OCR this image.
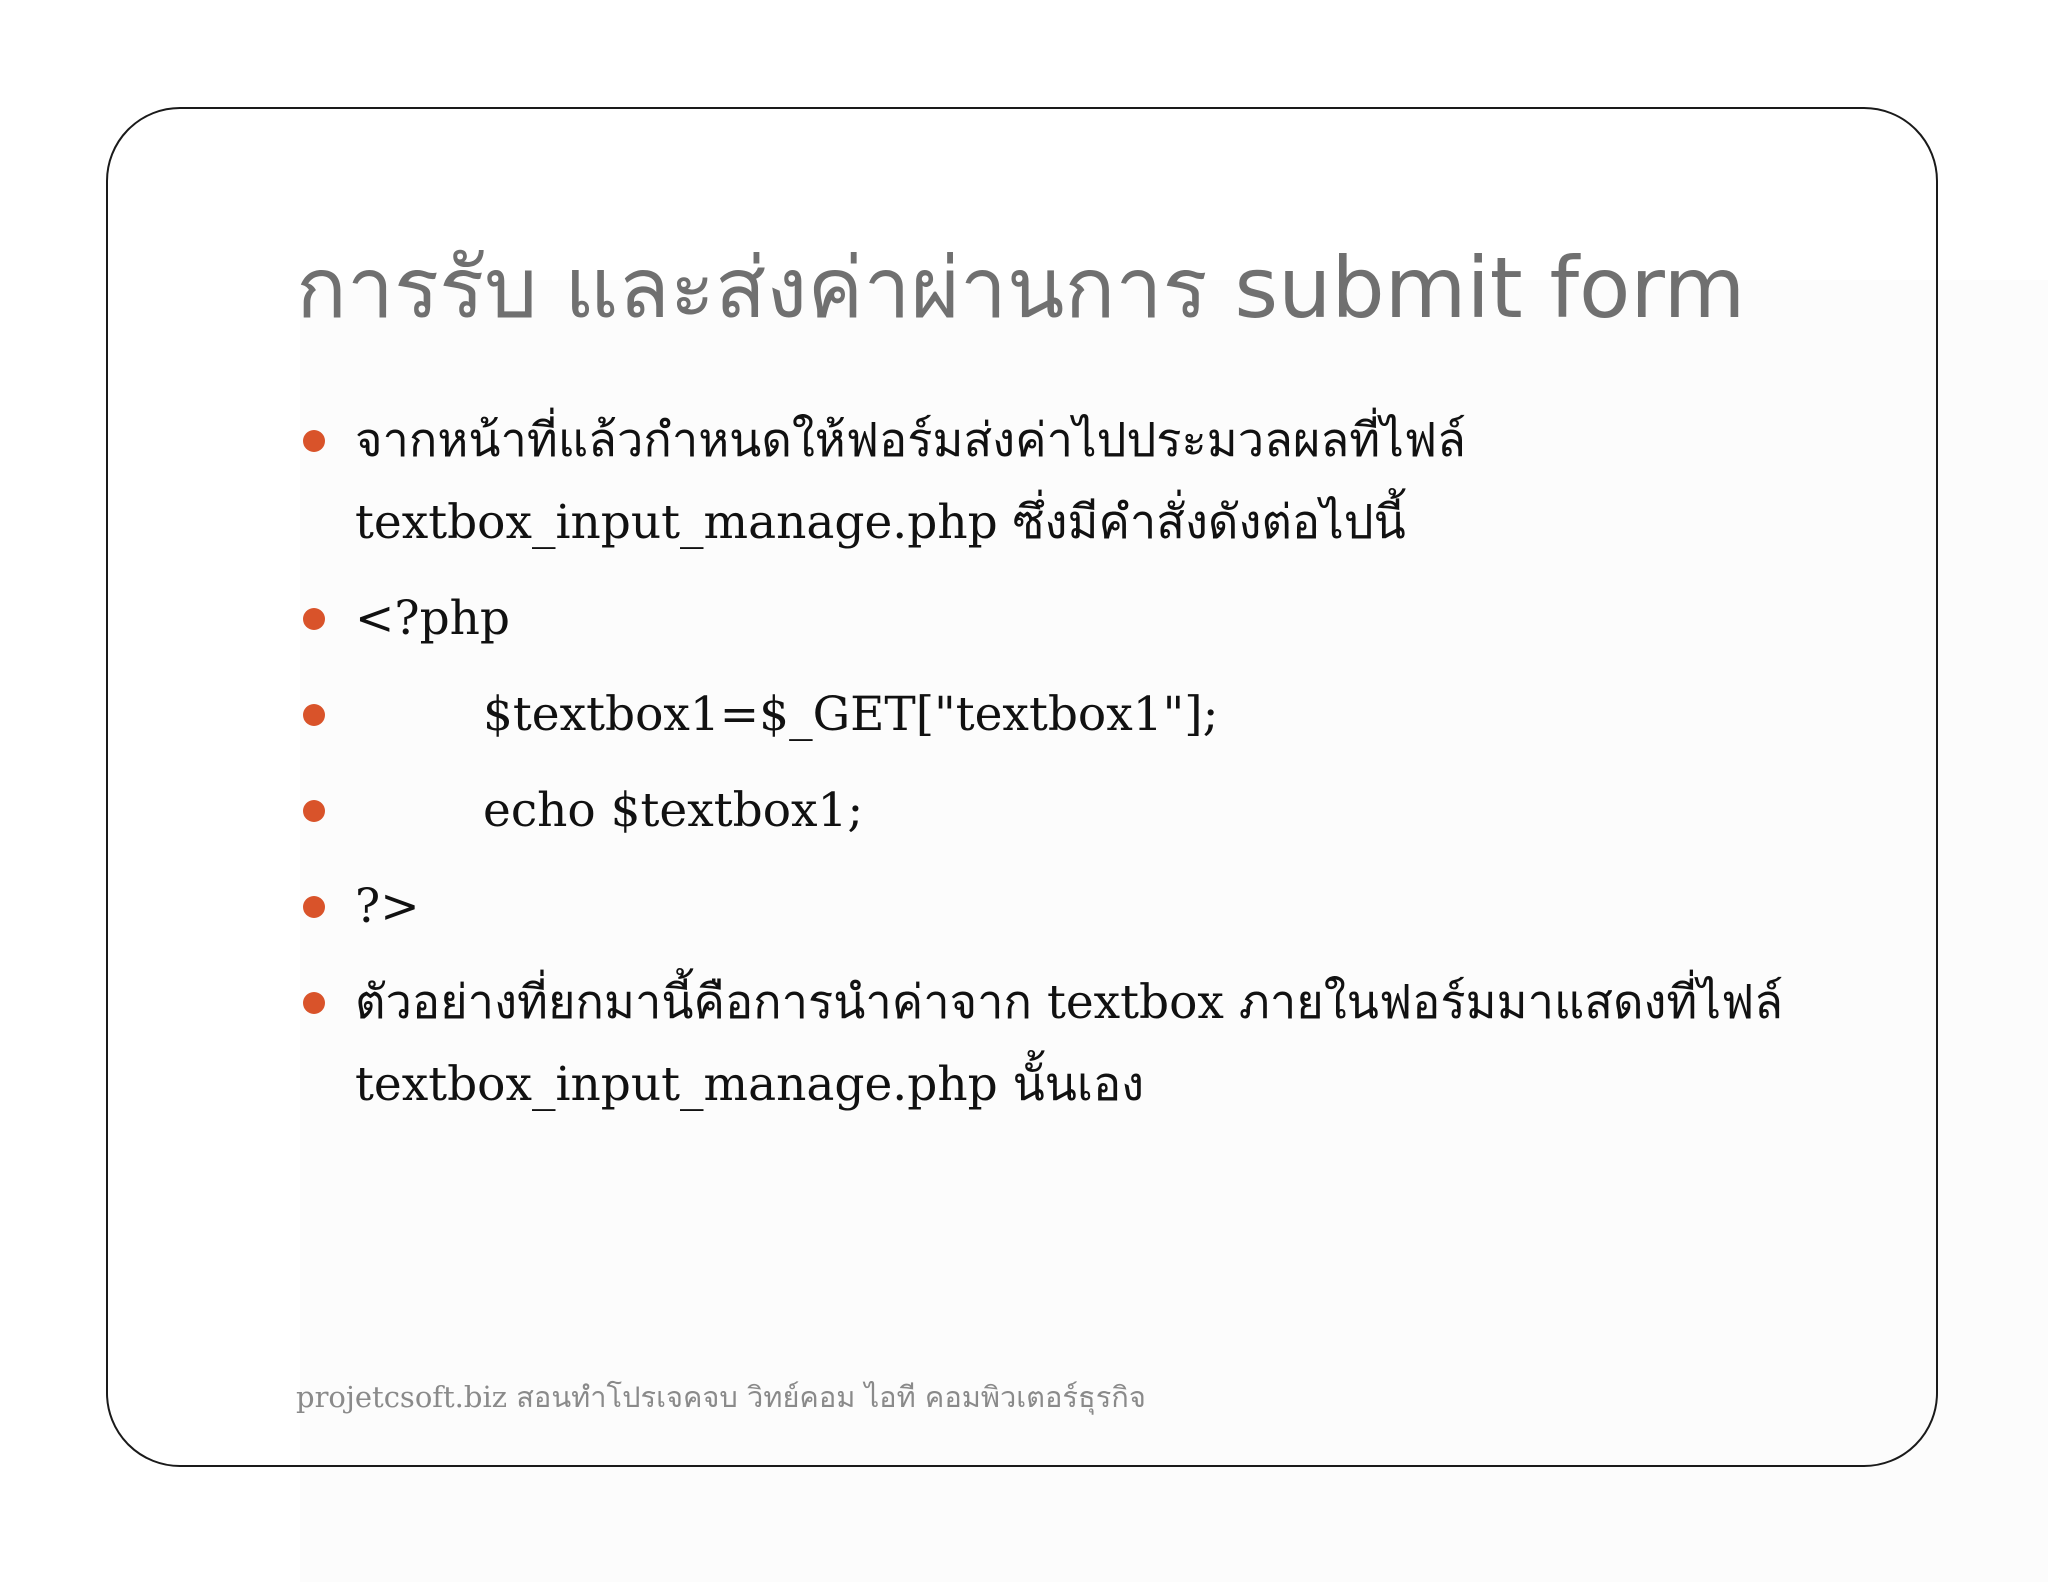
การรับ และส่งค่าผ่านการ submit form
จากหน้าที่แล้วกำหนดให้ฟอร์มส่งค่าไปประมวลผลที่ไฟล์ textbox_input_manage.php ซึ่งมีคำสั่งดังต่อไปนี้
<?php
$textbox1=$_GET["textbox1"];
echo $textbox1;
?>
ตัวอย่างที่ยกมานี้คือการนำค่าจาก textbox ภายในฟอร์มมาแสดงที่ไฟล์ textbox_input_manage.php นั้นเอง
projetcsoft.biz สอนทำโปรเจคจบ วิทย์คอม ไอที คอมพิวเตอร์ธุรกิจ
